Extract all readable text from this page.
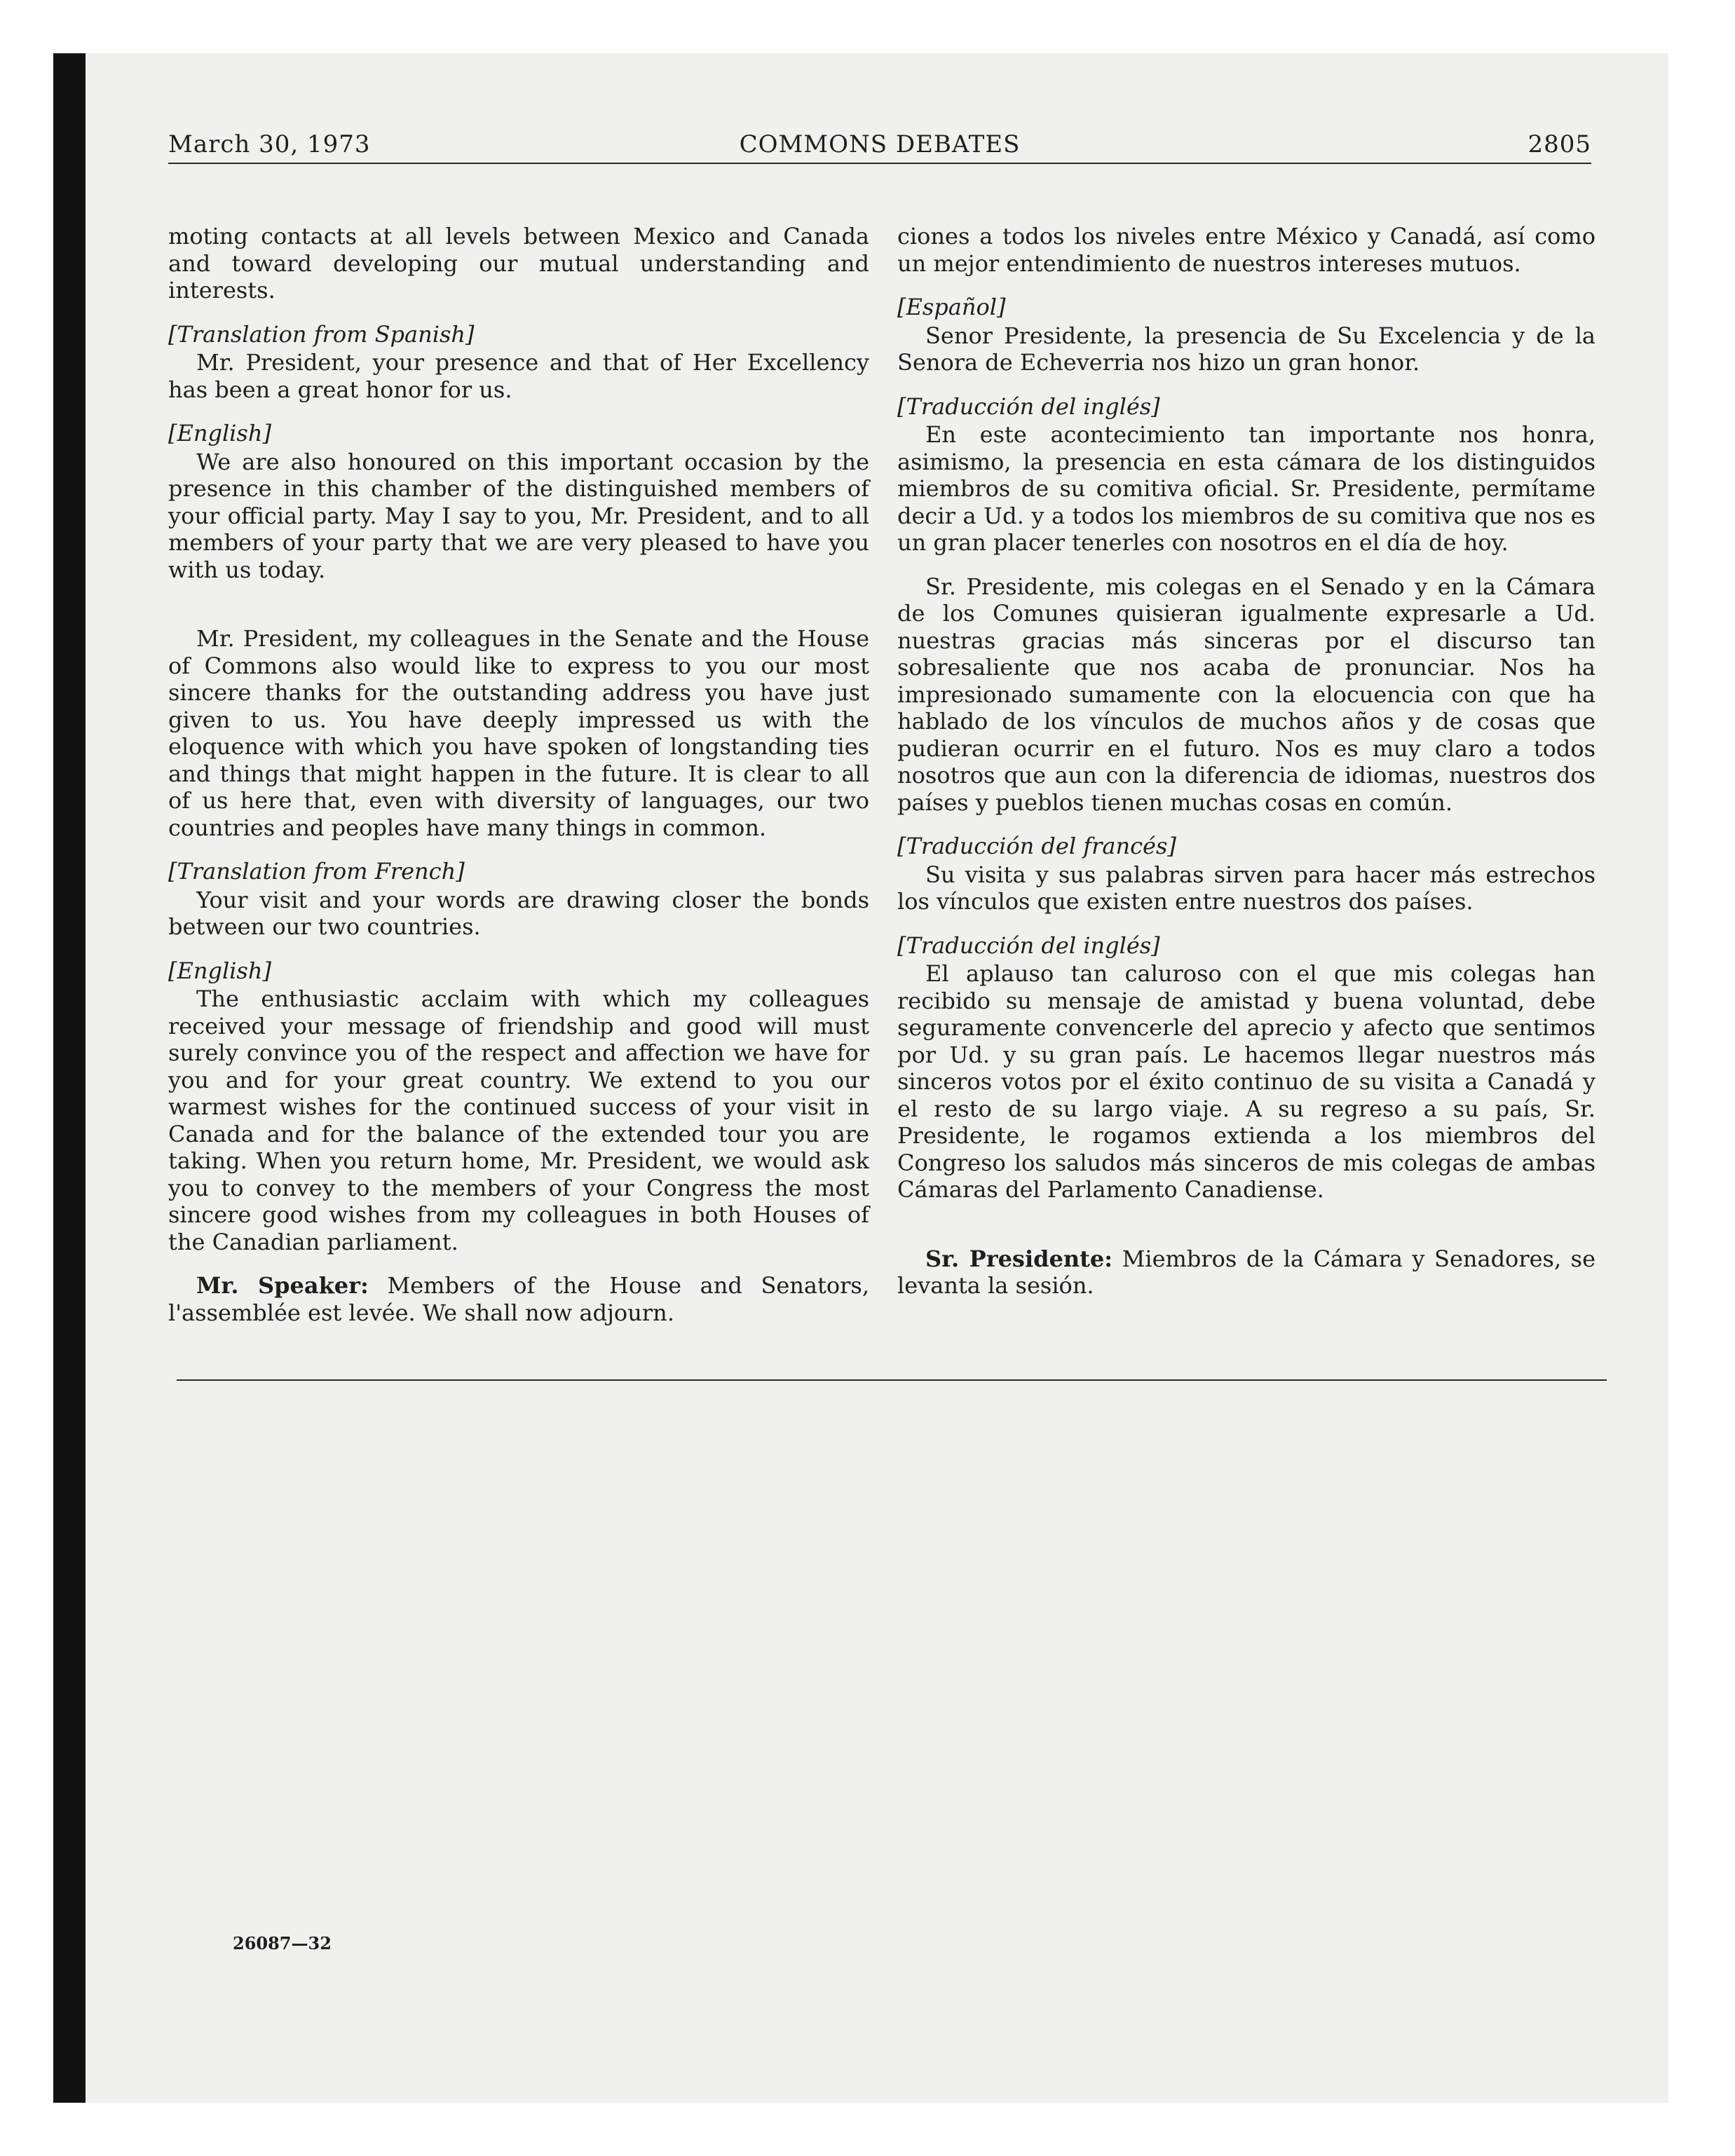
March 30, 1973	COMMONS DEBATES	2805

moting contacts at all levels between Mexico and Canada and toward developing our mutual understanding and interests.

[Translation from Spanish]

Mr. President, your presence and that of Her Excellency has been a great honor for us.

[English]

We are also honoured on this important occasion by the presence in this chamber of the distinguished members of your official party. May I say to you, Mr. President, and to all members of your party that we are very pleased to have you with us today.

Mr. President, my colleagues in the Senate and the House of Commons also would like to express to you our most sincere thanks for the outstanding address you have just given to us. You have deeply impressed us with the eloquence with which you have spoken of longstanding ties and things that might happen in the future. It is clear to all of us here that, even with diversity of languages, our two countries and peoples have many things in common.

[Translation from French]

Your visit and your words are drawing closer the bonds between our two countries.

[English]

The enthusiastic acclaim with which my colleagues received your message of friendship and good will must surely convince you of the respect and affection we have for you and for your great country. We extend to you our warmest wishes for the continued success of your visit in Canada and for the balance of the extended tour you are taking. When you return home, Mr. President, we would ask you to convey to the members of your Congress the most sincere good wishes from my colleagues in both Houses of the Canadian parliament.

Mr. Speaker: Members of the House and Senators, l'assemblée est levée. We shall now adjourn.

ciones a todos los niveles entre México y Canadá, así como un mejor entendimiento de nuestros intereses mutuos.

[Español]

Senor Presidente, la presencia de Su Excelencia y de la Senora de Echeverria nos hizo un gran honor.

[Traducción del inglés]

En este acontecimiento tan importante nos honra, asimismo, la presencia en esta cámara de los distinguidos miembros de su comitiva oficial. Sr. Presidente, permítame decir a Ud. y a todos los miembros de su comitiva que nos es un gran placer tenerles con nosotros en el día de hoy.

Sr. Presidente, mis colegas en el Senado y en la Cámara de los Comunes quisieran igualmente expresarle a Ud. nuestras gracias más sinceras por el discurso tan sobresaliente que nos acaba de pronunciar. Nos ha impresionado sumamente con la elocuencia con que ha hablado de los vínculos de muchos años y de cosas que pudieran ocurrir en el futuro. Nos es muy claro a todos nosotros que aun con la diferencia de idiomas, nuestros dos países y pueblos tienen muchas cosas en común.

[Traducción del francés]

Su visita y sus palabras sirven para hacer más estrechos los vínculos que existen entre nuestros dos países.

[Traducción del inglés]

El aplauso tan caluroso con el que mis colegas han recibido su mensaje de amistad y buena voluntad, debe seguramente convencerle del aprecio y afecto que sentimos por Ud. y su gran país. Le hacemos llegar nuestros más sinceros votos por el éxito continuo de su visita a Canadá y el resto de su largo viaje. A su regreso a su país, Sr. Presidente, le rogamos extienda a los miembros del Congreso los saludos más sinceros de mis colegas de ambas Cámaras del Parlamento Canadiense.

Sr. Presidente: Miembros de la Cámara y Senadores, se levanta la sesión.

26087—32
